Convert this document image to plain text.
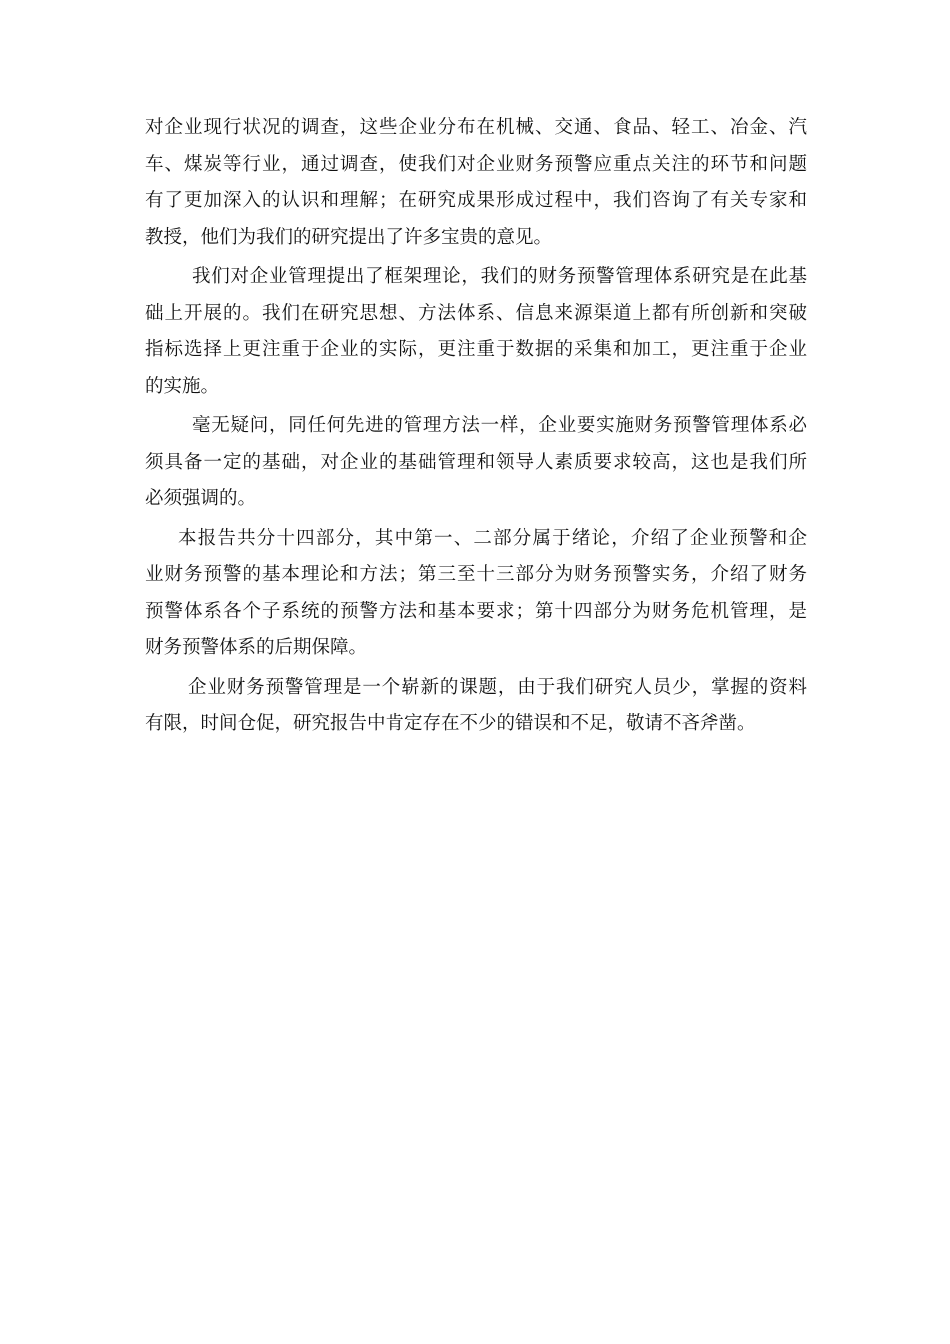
对企业现行状况的调查，这些企业分布在机械、交通、食品、轻工、冶金、汽
车、煤炭等行业，通过调查，使我们对企业财务预警应重点关注的环节和问题
有了更加深入的认识和理解；在研究成果形成过程中，我们咨询了有关专家和
教授，他们为我们的研究提出了许多宝贵的意见。
我们对企业管理提出了框架理论，我们的财务预警管理体系研究是在此基
础上开展的。我们在研究思想、方法体系、信息来源渠道上都有所创新和突破
指标选择上更注重于企业的实际，更注重于数据的采集和加工，更注重于企业
的实施。
毫无疑问，同任何先进的管理方法一样，企业要实施财务预警管理体系必
须具备一定的基础，对企业的基础管理和领导人素质要求较高，这也是我们所
必须强调的。
本报告共分十四部分，其中第一、二部分属于绪论，介绍了企业预警和企
业财务预警的基本理论和方法；第三至十三部分为财务预警实务，介绍了财务
预警体系各个子系统的预警方法和基本要求；第十四部分为财务危机管理，是
财务预警体系的后期保障。
企业财务预警管理是一个崭新的课题，由于我们研究人员少，掌握的资料
有限，时间仓促，研究报告中肯定存在不少的错误和不足，敬请不吝斧凿。
